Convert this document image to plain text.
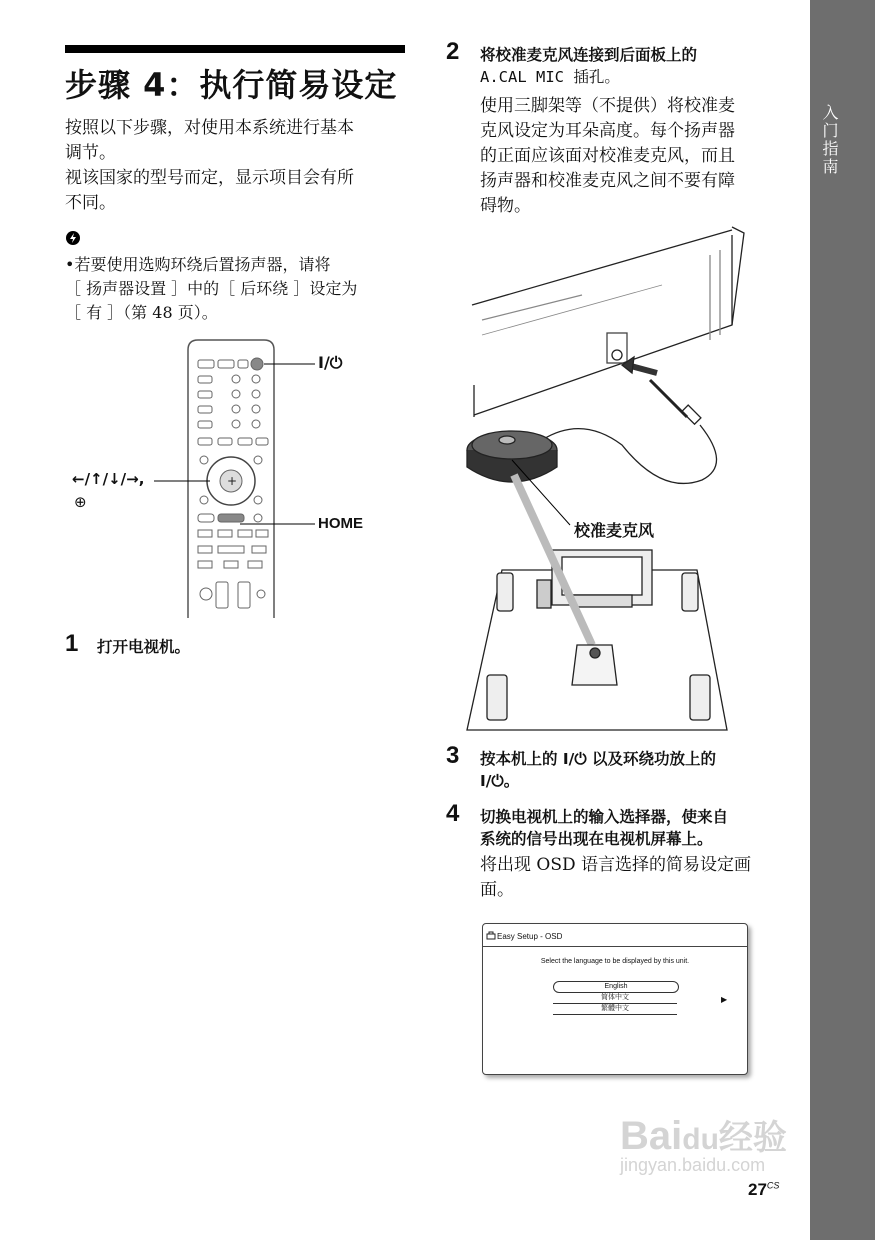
入门指南
步骤 4：执行简易设定
按照以下步骤，对使用本系统进行基本
调节。
视该国家的型号而定，显示项目会有所
不同。
•若要使用选购环绕后置扬声器，请将
［ 扬声器设置 ］中的［ 后环绕 ］设定为
［ 有 ］（第 48 页）。
+
I/⏻
←/↑/↓/→,
⊕
HOME
1 打开电视机。
2 将校准麦克风连接到后面板上的
A.CAL MIC 插孔。
使用三脚架等（不提供）将校准麦
克风设定为耳朵高度。每个扬声器
的正面应该面对校准麦克风，而且
扬声器和校准麦克风之间不要有障
碍物。
校准麦克风
3 按本机上的 I/⏻ 以及环绕功放上的
I/⏻。
4 切换电视机上的输入选择器，使来自
系统的信号出现在电视机屏幕上。
将出现 OSD 语言选择的简易设定画
面。
Easy Setup - OSD
Select the language to be displayed by this unit.
English
简体中文
繁體中文
▶
Baidu经验
jingyan.baidu.com
$27^{CS}$
